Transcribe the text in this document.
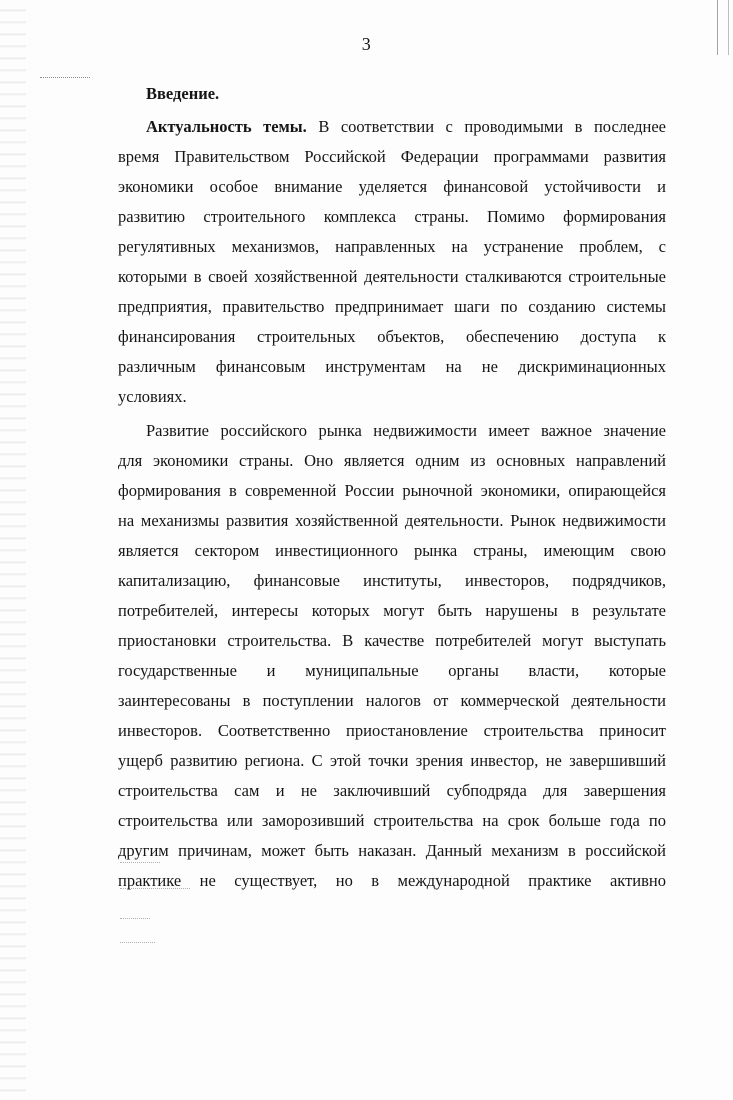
3
Введение.
Актуальность темы. В соответствии с проводимыми в последнее
время Правительством Российской Федерации программами развития
экономики особое внимание уделяется финансовой устойчивости и
развитию строительного комплекса страны. Помимо формирования
регулятивных механизмов, направленных на устранение проблем, с
которыми в своей хозяйственной деятельности сталкиваются строительные
предприятия, правительство предпринимает шаги по созданию системы
финансирования строительных объектов, обеспечению доступа к
различным финансовым инструментам на не дискриминационных
условиях.
Развитие российского рынка недвижимости имеет важное значение
для экономики страны. Оно является одним из основных направлений
формирования в современной России рыночной экономики, опирающейся
на механизмы развития хозяйственной деятельности. Рынок недвижимости
является сектором инвестиционного рынка страны, имеющим свою
капитализацию, финансовые институты, инвесторов, подрядчиков,
потребителей, интересы которых могут быть нарушены в результате
приостановки строительства. В качестве потребителей могут выступать
государственные и муниципальные органы власти, которые
заинтересованы в поступлении налогов от коммерческой деятельности
инвесторов. Соответственно приостановление строительства приносит
ущерб развитию региона. С этой точки зрения инвестор, не завершивший
строительства сам и не заключивший субподряда для завершения
строительства или заморозивший строительства на срок больше года по
другим причинам, может быть наказан. Данный механизм в российской
практике не существует, но в международной практике активно
